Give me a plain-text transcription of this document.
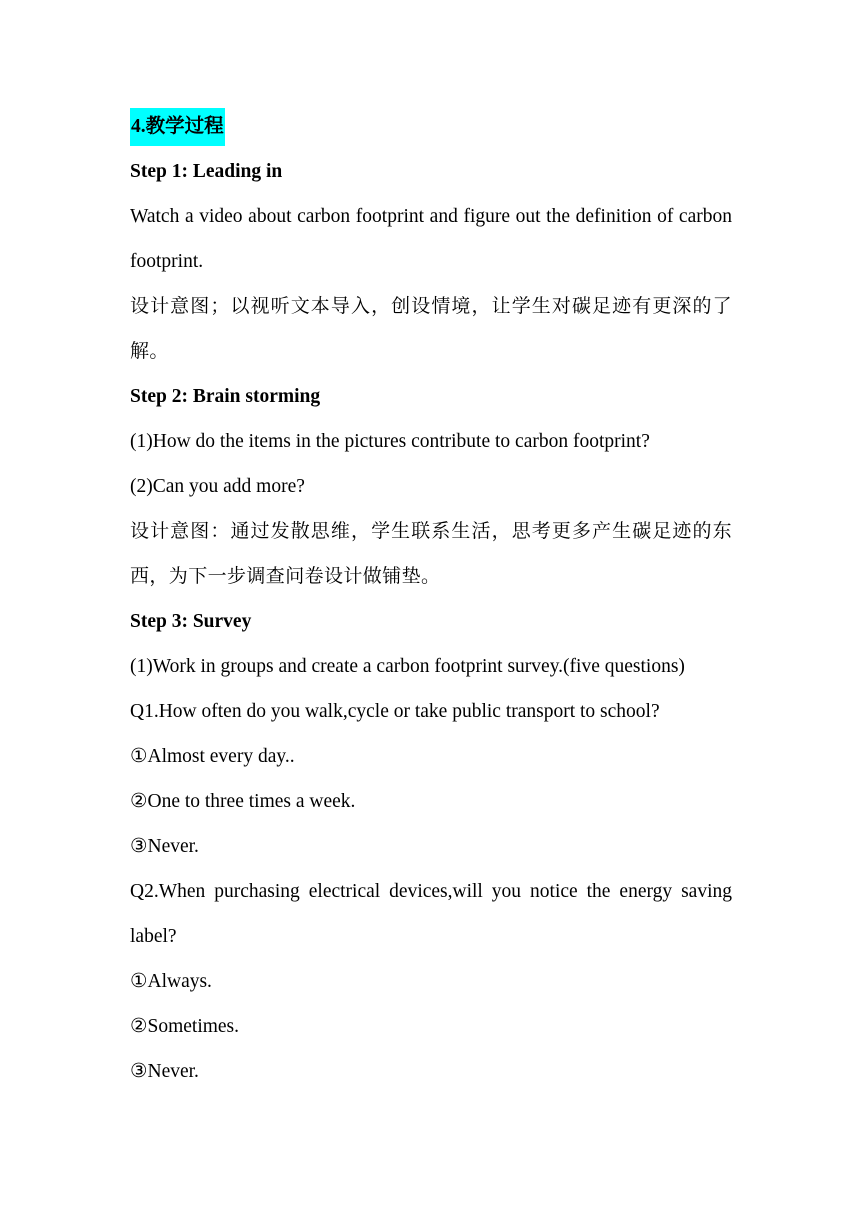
4.教学过程
Step 1: Leading in
Watch a video about carbon footprint and figure out the definition of carbon footprint.
设计意图；以视听文本导入，创设情境，让学生对碳足迹有更深的了解。
Step 2: Brain storming
(1)How do the items in the pictures contribute to carbon footprint?
(2)Can you add more?
设计意图：通过发散思维，学生联系生活，思考更多产生碳足迹的东西，为下一步调查问卷设计做铺垫。
Step 3: Survey
(1)Work in groups and create a carbon footprint survey.(five questions)
Q1.How often do you walk,cycle or take public transport to school?
①Almost every day..
②One to three times a week.
③Never.
Q2.When purchasing electrical devices,will you notice the energy saving label?
①Always.
②Sometimes.
③Never.
